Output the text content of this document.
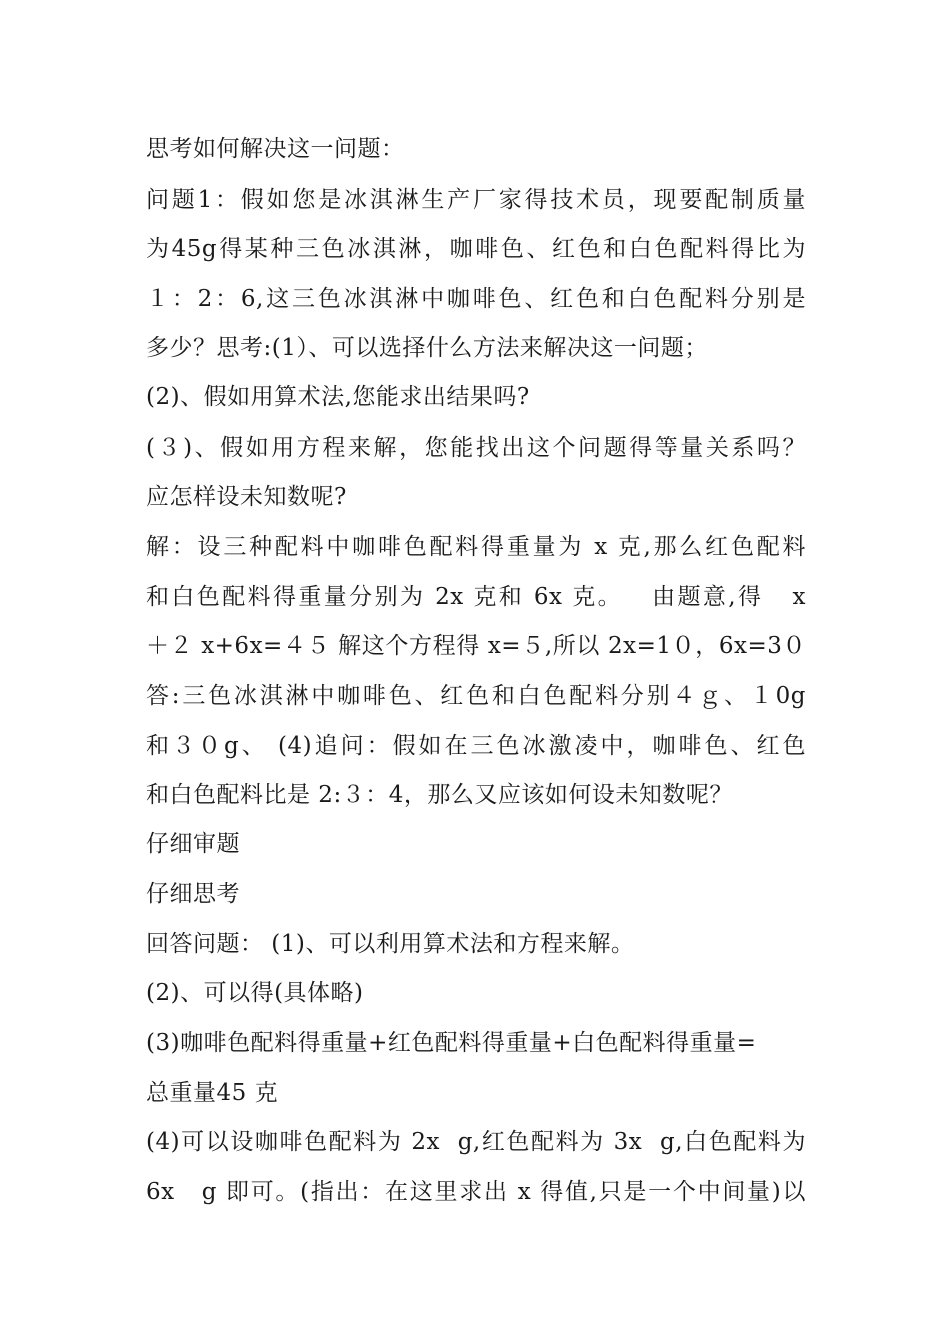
思考如何解决这一问题：
问题1：假如您是冰淇淋生产厂家得技术员，现要配制质量
为45g得某种三色冰淇淋，咖啡色、红色和白色配料得比为
１：2：6,这三色冰淇淋中咖啡色、红色和白色配料分别是
多少？思考:(1）、可以选择什么方法来解决这一问题；
(2)、假如用算术法,您能求出结果吗?
(３)、假如用方程来解，您能找出这个问题得等量关系吗？
应怎样设未知数呢?
解：设三种配料中咖啡色配料得重量为 x 克,那么红色配料
和白色配料得重量分别为 2x 克和 6x 克。   由题意,得   x
＋２ x+6x=４５ 解这个方程得 x=５,所以 2x=1０，6x=3０
答:三色冰淇淋中咖啡色、红色和白色配料分别４ｇ、１0g
和３０g、 (4)追问：假如在三色冰激凌中，咖啡色、红色
和白色配料比是 2:３：4，那么又应该如何设未知数呢？
仔细审题
仔细思考
回答问题： (1)、可以利用算术法和方程来解。
(2)、可以得(具体略)
(3)咖啡色配料得重量+红色配料得重量+白色配料得重量=
总重量45 克
(4)可以设咖啡色配料为 2x  g,红色配料为 3x  g,白色配料为
6x   g 即可。(指出：在这里求出 x 得值,只是一个中间量)以
